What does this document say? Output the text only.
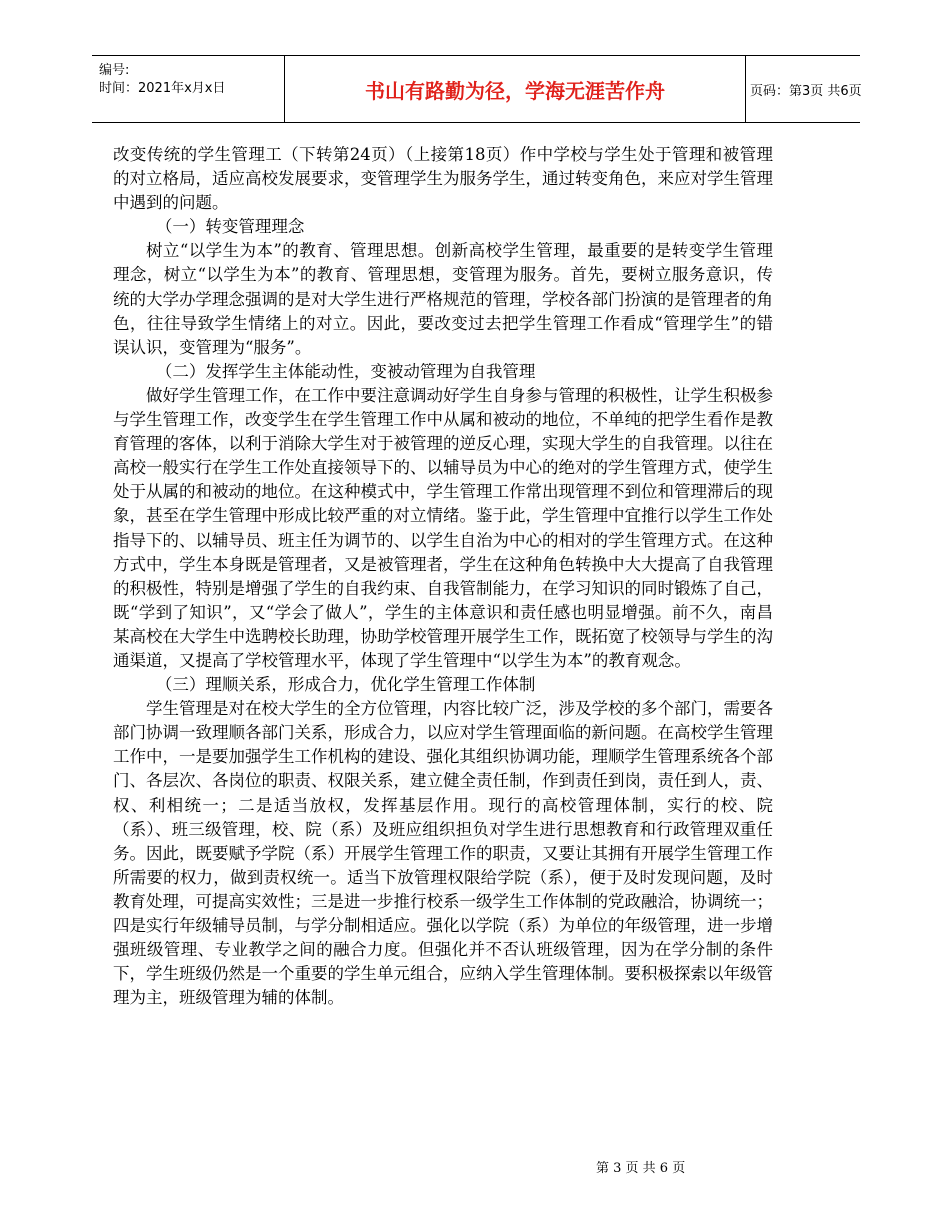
编号:
时间：2021年x月x日	书山有路勤为径，学海无涯苦作舟	页码：第3页 共6页

改变传统的学生管理工（下转第24页）（上接第18页）作中学校与学生处于管理和被管理的对立格局，适应高校发展要求，变管理学生为服务学生，通过转变角色，来应对学生管理中遇到的问题。

（一）转变管理理念

树立“以学生为本”的教育、管理思想。创新高校学生管理，最重要的是转变学生管理理念，树立“以学生为本”的教育、管理思想，变管理为服务。首先，要树立服务意识，传统的大学办学理念强调的是对大学生进行严格规范的管理，学校各部门扮演的是管理者的角色，往往导致学生情绪上的对立。因此，要改变过去把学生管理工作看成“管理学生”的错误认识，变管理为“服务”。

（二）发挥学生主体能动性，变被动管理为自我管理

做好学生管理工作，在工作中要注意调动好学生自身参与管理的积极性，让学生积极参与学生管理工作，改变学生在学生管理工作中从属和被动的地位，不单纯的把学生看作是教育管理的客体，以利于消除大学生对于被管理的逆反心理，实现大学生的自我管理。以往在高校一般实行在学生工作处直接领导下的、以辅导员为中心的绝对的学生管理方式，使学生处于从属的和被动的地位。在这种模式中，学生管理工作常出现管理不到位和管理滞后的现象，甚至在学生管理中形成比较严重的对立情绪。鉴于此，学生管理中宜推行以学生工作处指导下的、以辅导员、班主任为调节的、以学生自治为中心的相对的学生管理方式。在这种方式中，学生本身既是管理者，又是被管理者，学生在这种角色转换中大大提高了自我管理的积极性，特别是增强了学生的自我约束、自我管制能力，在学习知识的同时锻炼了自己，既“学到了知识”，又“学会了做人”，学生的主体意识和责任感也明显增强。前不久，南昌某高校在大学生中选聘校长助理，协助学校管理开展学生工作，既拓宽了校领导与学生的沟通渠道，又提高了学校管理水平，体现了学生管理中“以学生为本”的教育观念。

（三）理顺关系，形成合力，优化学生管理工作体制

学生管理是对在校大学生的全方位管理，内容比较广泛，涉及学校的多个部门，需要各部门协调一致理顺各部门关系，形成合力，以应对学生管理面临的新问题。在高校学生管理工作中，一是要加强学生工作机构的建设、强化其组织协调功能，理顺学生管理系统各个部门、各层次、各岗位的职责、权限关系，建立健全责任制，作到责任到岗，责任到人，责、权、利相统一；二是适当放权，发挥基层作用。现行的高校管理体制，实行的校、院（系）、班三级管理，校、院（系）及班应组织担负对学生进行思想教育和行政管理双重任务。因此，既要赋予学院（系）开展学生管理工作的职责，又要让其拥有开展学生管理工作所需要的权力，做到责权统一。适当下放管理权限给学院（系），便于及时发现问题，及时教育处理，可提高实效性；三是进一步推行校系一级学生工作体制的党政融洽，协调统一；四是实行年级辅导员制，与学分制相适应。强化以学院（系）为单位的年级管理，进一步增强班级管理、专业教学之间的融合力度。但强化并不否认班级管理，因为在学分制的条件下，学生班级仍然是一个重要的学生单元组合，应纳入学生管理体制。要积极探索以年级管理为主，班级管理为辅的体制。

第 3 页 共 6 页
